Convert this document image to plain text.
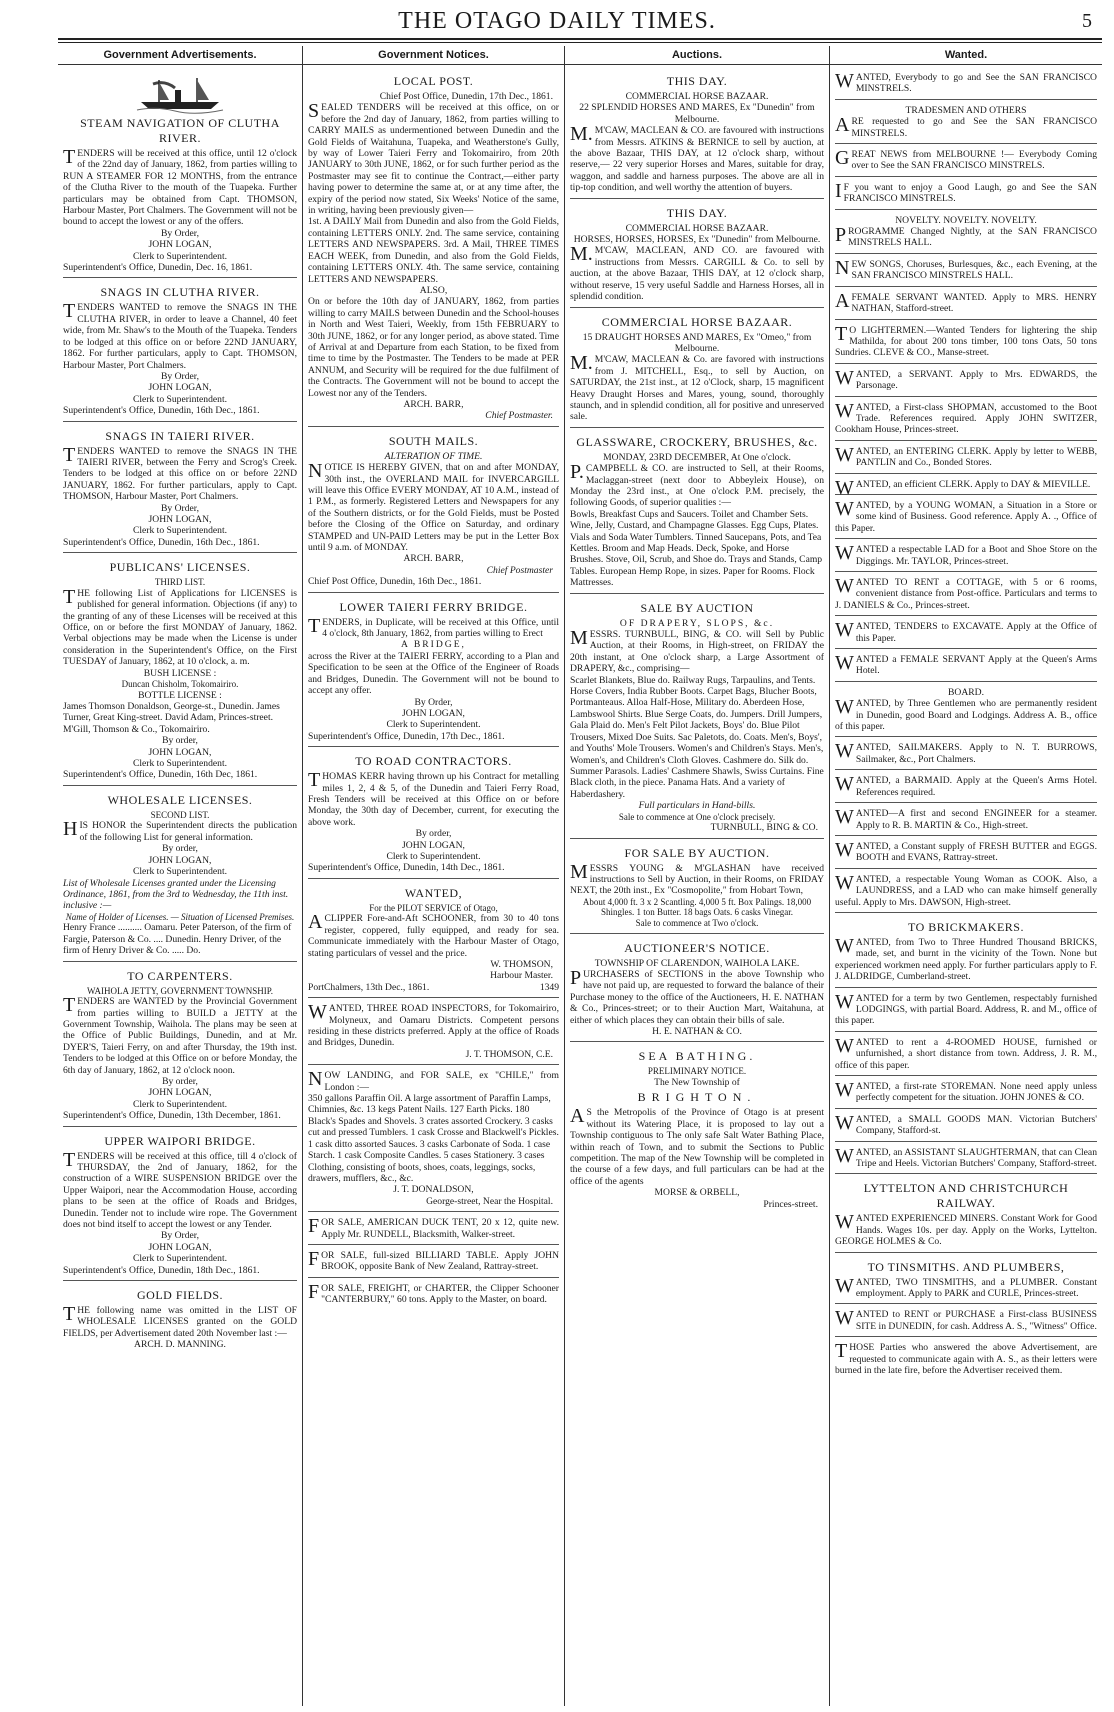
THE OTAGO DAILY TIMES.	5
Government Advertisements.
STEAM NAVIGATION OF CLUTHA RIVER.

TENDERS will be received at this office, until 12 o'clock of the 22nd day of January, 1862, from parties willing to RUN A STEAMER FOR 12 MONTHS, from the entrance of the Clutha River to the mouth of the Tuapeka. Further particulars may be obtained from Capt. THOMSON, Harbour Master, Port Chalmers. The Government will not be bound to accept the lowest or any of the offers.

By Order,
JOHN LOGAN,
Clerk to Superintendent.
Superintendent's Office, Dunedin, Dec. 16, 1861.
SNAGS IN CLUTHA RIVER.

TENDERS WANTED to remove the SNAGS IN THE CLUTHA RIVER, in order to leave a Channel, 40 feet wide, from Mr. Shaw's to the Mouth of the Tuapeka. Tenders to be lodged at this office on or before 22ND JANUARY, 1862. For further particulars, apply to Capt. THOMSON, Harbour Master, Port Chalmers.

By Order,
JOHN LOGAN,
Clerk to Superintendent.
Superintendent's Office, Dunedin, 16th Dec., 1861.
SNAGS IN TAIERI RIVER.

TENDERS WANTED to remove the SNAGS IN THE TAIERI RIVER, between the Ferry and Scrog's Creek. Tenders to be lodged at this office on or before 22ND JANUARY, 1862. For further particulars, apply to Capt. THOMSON, Harbour Master, Port Chalmers.

By Order,
JOHN LOGAN,
Clerk to Superintendent.
Superintendent's Office, Dunedin, 16th Dec., 1861.
PUBLICANS' LICENSES.
THIRD LIST.

THE following List of Applications for LICENSES is published for general information. Objections (if any) to the granting of any of these Licenses will be received at this Office, on or before the first MONDAY of January, 1862. Verbal objections may be made when the License is under consideration in the Superintendent's Office, on the First TUESDAY of January, 1862, at 10 o'clock, a. m.

BUSH LICENSE :
Duncan Chisholm, Tokomairiro.
BOTTLE LICENSE :
James Thomson Donaldson, George-st., Dunedin. James Turner, Great King-street. David Adam, Princes-street. M'Gill, Thomson & Co., Tokomairiro.
By order,
JOHN LOGAN,
Clerk to Superintendent.
Superintendent's Office, Dunedin, 16th Dec, 1861.
WHOLESALE LICENSES.
SECOND LIST.

HIS HONOR the Superintendent directs the publication of the following List for general information.

By order,
JOHN LOGAN,
Clerk to Superintendent.
List of Wholesale Licenses granted under the Licensing Ordinance, 1861, from the 3rd to Wednesday, the 11th inst. inclusive :—
Name of Holder of Licenses. — Situation of Licensed Premises.
Henry France .......... Oamaru. Peter Paterson, of the firm of Fargie, Paterson & Co. .... Dunedin. Henry Driver, of the firm of Henry Driver & Co. ..... Do.
TO CARPENTERS.
WAIHOLA JETTY, GOVERNMENT TOWNSHIP.

TENDERS are WANTED by the Provincial Government from parties willing to BUILD a JETTY at the Government Township, Waihola. The plans may be seen at the Office of Public Buildings, Dunedin, and at Mr. DYER'S, Taieri Ferry, on and after Thursday, the 19th inst. Tenders to be lodged at this Office on or before Monday, the 6th day of January, 1862, at 12 o'clock noon.

By order,
JOHN LOGAN,
Clerk to Superintendent.
Superintendent's Office, Dunedin, 13th December, 1861.
UPPER WAIPORI BRIDGE.

TENDERS will be received at this office, till 4 o'clock of THURSDAY, the 2nd of January, 1862, for the construction of a WIRE SUSPENSION BRIDGE over the Upper Waipori, near the Accommodation House, according plans to be seen at the office of Roads and Bridges, Dunedin. Tender not to include wire rope. The Government does not bind itself to accept the lowest or any Tender.

By Order,
JOHN LOGAN,
Clerk to Superintendent.
Superintendent's Office, Dunedin, 18th Dec., 1861.
GOLD FIELDS.

THE following name was omitted in the LIST OF WHOLESALE LICENSES granted on the GOLD FIELDS, per Advertisement dated 20th November last :—

ARCH. D. MANNING.
Government Notices.
LOCAL POST.
Chief Post Office, Dunedin, 17th Dec., 1861.

SEALED TENDERS will be received at this office, on or before the 2nd day of January, 1862, from parties willing to CARRY MAILS as undermentioned between Dunedin and the Gold Fields of Waitahuna, Tuapeka, and Weatherstone's Gully, by way of Lower Taieri Ferry and Tokomairiro, from 20th JANUARY to 30th JUNE, 1862, or for such further period as the Postmaster may see fit to continue the Contract,—either party having power to determine the same at, or at any time after, the expiry of the period now stated, Six Weeks' Notice of the same, in writing, having been previously given—

1st. A DAILY Mail from Dunedin and also from the Gold Fields, containing LETTERS ONLY. 2nd. The same service, containing LETTERS AND NEWSPAPERS. 3rd. A Mail, THREE TIMES EACH WEEK, from Dunedin, and also from the Gold Fields, containing LETTERS ONLY. 4th. The same service, containing LETTERS AND NEWSPAPERS.

ALSO,

On or before the 10th day of JANUARY, 1862, from parties willing to carry MAILS between Dunedin and the School-houses in North and West Taieri, Weekly, from 15th FEBRUARY to 30th JUNE, 1862, or for any longer period, as above stated. Time of Arrival at and Departure from each Station, to be fixed from time to time by the Postmaster. The Tenders to be made at PER ANNUM, and Security will be required for the due fulfilment of the Contracts. The Government will not be bound to accept the Lowest nor any of the Tenders.

ARCH. BARR,
Chief Postmaster.
SOUTH MAILS.
ALTERATION OF TIME.

NOTICE IS HEREBY GIVEN, that on and after MONDAY, 30th inst., the OVERLAND MAIL for INVERCARGILL will leave this Office EVERY MONDAY, AT 10 A.M., instead of 1 P.M., as formerly. Registered Letters and Newspapers for any of the Southern districts, or for the Gold Fields, must be Posted before the Closing of the Office on Saturday, and ordinary STAMPED and UN-PAID Letters may be put in the Letter Box until 9 a.m. of MONDAY.

ARCH. BARR,
Chief Postmaster
Chief Post Office, Dunedin, 16th Dec., 1861.
LOWER TAIERI FERRY BRIDGE.

TENDERS, in Duplicate, will be received at this Office, until 4 o'clock, 8th January, 1862, from parties willing to Erect

A BRIDGE,

across the River at the TAIERI FERRY, according to a Plan and Specification to be seen at the Office of the Engineer of Roads and Bridges, Dunedin. The Government will not be bound to accept any offer.

By Order,
JOHN LOGAN,
Clerk to Superintendent.
Superintendent's Office, Dunedin, 17th Dec., 1861.
TO ROAD CONTRACTORS.

THOMAS KERR having thrown up his Contract for metalling miles 1, 2, 4 & 5, of the Dunedin and Taieri Ferry Road, Fresh Tenders will be received at this Office on or before Monday, the 30th day of December, current, for executing the above work.

By order,
JOHN LOGAN,
Clerk to Superintendent.
Superintendent's Office, Dunedin, 14th Dec., 1861.
WANTED,
For the PILOT SERVICE of Otago,

ACLIPPER Fore-and-Aft SCHOONER, from 30 to 40 tons register, coppered, fully equipped, and ready for sea. Communicate immediately with the Harbour Master of Otago, stating particulars of vessel and the price.

W. THOMSON,
Harbour Master.
PortChalmers, 13th Dec., 1861.	1349

WANTED, THREE ROAD INSPECTORS, for Tokomairiro, Molyneux, and Oamaru Districts. Competent persons residing in these districts preferred. Apply at the office of Roads and Bridges, Dunedin.

J. T. THOMSON, C.E.

NOW LANDING, and FOR SALE, ex "CHILE," from London :—

350 gallons Paraffin Oil. A large assortment of Paraffin Lamps, Chimnies, &c. 13 kegs Patent Nails. 127 Earth Picks. 180 Black's Spades and Shovels. 3 crates assorted Crockery. 3 casks cut and pressed Tumblers. 1 cask Crosse and Blackwell's Pickles. 1 cask ditto assorted Sauces. 3 casks Carbonate of Soda. 1 case Starch. 1 cask Composite Candles. 5 cases Stationery. 3 cases Clothing, consisting of boots, shoes, coats, leggings, socks, drawers, mufflers, &c., &c.
J. T. DONALDSON,
George-street, Near the Hospital.

FOR SALE, AMERICAN DUCK TENT, 20 x 12, quite new. Apply Mr. RUNDELL, Blacksmith, Walker-street.

FOR SALE, full-sized BILLIARD TABLE. Apply JOHN BROOK, opposite Bank of New Zealand, Rattray-street.

FOR SALE, FREIGHT, or CHARTER, the Clipper Schooner "CANTERBURY," 60 tons. Apply to the Master, on board.

Auctions.
THIS DAY.
COMMERCIAL HORSE BAZAAR.
22 SPLENDID HORSES AND MARES, Ex "Dunedin" from Melbourne.

M.M'CAW, MACLEAN & CO. are favoured with instructions from Messrs. ATKINS & BERNICE to sell by auction, at the above Bazaar, THIS DAY, at 12 o'clock sharp, without reserve,— 22 very superior Horses and Mares, suitable for dray, waggon, and saddle and harness purposes. The above are all in tip-top condition, and well worthy the attention of buyers.

THIS DAY.
COMMERCIAL HORSE BAZAAR.
HORSES, HORSES, HORSES, Ex "Dunedin" from Melbourne.

M.M'CAW, MACLEAN, AND CO. are favoured with instructions from Messrs. CARGILL & Co. to sell by auction, at the above Bazaar, THIS DAY, at 12 o'clock sharp, without reserve, 15 very useful Saddle and Harness Horses, all in splendid condition.

COMMERCIAL HORSE BAZAAR.
15 DRAUGHT HORSES AND MARES, Ex "Omeo," from Melbourne.

M.M'CAW, MACLEAN & Co. are favored with instructions from J. MITCHELL, Esq., to sell by Auction, on SATURDAY, the 21st inst., at 12 o'Clock, sharp, 15 magnificent Heavy Draught Horses and Mares, young, sound, thoroughly staunch, and in splendid condition, all for positive and unreserved sale.

GLASSWARE, CROCKERY, BRUSHES, &c.
MONDAY, 23RD DECEMBER, At One o'clock.

P.CAMPBELL & CO. are instructed to Sell, at their Rooms, Maclaggan-street (next door to Abbeyleix House), on Monday the 23rd inst., at One o'clock P.M. precisely, the following Goods, of superior qualities :—

Bowls, Breakfast Cups and Saucers. Toilet and Chamber Sets. Wine, Jelly, Custard, and Champagne Glasses. Egg Cups, Plates. Vials and Soda Water Tumblers. Tinned Saucepans, Pots, and Tea Kettles. Broom and Map Heads. Deck, Spoke, and Horse Brushes. Stove, Oil, Scrub, and Shoe do. Trays and Stands, Camp Tables. European Hemp Rope, in sizes. Paper for Rooms. Flock Mattresses.
SALE BY AUCTION
OF DRAPERY, SLOPS, &c.

MESSRS. TURNBULL, BING, & CO. will Sell by Public Auction, at their Rooms, in High-street, on FRIDAY the 20th instant, at One o'clock sharp, a Large Assortment of DRAPERY, &c., comprising—

Scarlet Blankets, Blue do. Railway Rugs, Tarpaulins, and Tents. Horse Covers, India Rubber Boots. Carpet Bags, Blucher Boots, Portmanteaus. Alloa Half-Hose, Military do. Aberdeen Hose, Lambswool Shirts. Blue Serge Coats, do. Jumpers. Drill Jumpers, Gala Plaid do. Men's Felt Pilot Jackets, Boys' do. Blue Pilot Trousers, Mixed Doe Suits. Sac Paletots, do. Coats. Men's, Boys', and Youths' Mole Trousers. Women's and Children's Stays. Men's, Women's, and Children's Cloth Gloves. Cashmere do. Silk do. Summer Parasols. Ladies' Cashmere Shawls, Swiss Curtains. Fine Black cloth, in the piece. Panama Hats. And a variety of Haberdashery.
Full particulars in Hand-bills.
Sale to commence at One o'clock precisely.
TURNBULL, BING & CO.
FOR SALE BY AUCTION.

MESSRS YOUNG & M'GLASHAN have received instructions to Sell by Auction, in their Rooms, on FRIDAY NEXT, the 20th inst., Ex "Cosmopolite," from Hobart Town,

About 4,000 ft. 3 x 2 Scantling. 4,000 5 ft. Box Palings. 18,000 Shingles. 1 ton Butter. 18 bags Oats. 6 casks Vinegar.
Sale to commence at Two o'clock.
AUCTIONEER'S NOTICE.
TOWNSHIP OF CLARENDON, WAIHOLA LAKE.

PURCHASERS of SECTIONS in the above Township who have not paid up, are requested to forward the balance of their Purchase money to the office of the Auctioneers, H. E. NATHAN & Co., Princes-street; or to their Auction Mart, Waitahuna, at either of which places they can obtain their bills of sale.

H. E. NATHAN & CO.
SEA BATHING.
PRELIMINARY NOTICE.
The New Township of
BRIGHTON.

AS the Metropolis of the Province of Otago is at present without its Watering Place, it is proposed to lay out a Township contiguous to The only safe Salt Water Bathing Place, within reach of Town, and to submit the Sections to Public competition. The map of the New Township will be completed in the course of a few days, and full particulars can be had at the office of the agents

MORSE & ORBELL,
Princes-street.
Wanted.

WANTED, Everybody to go and See the SAN FRANCISCO MINSTRELS.

TRADESMEN AND OTHERS

ARE requested to go and See the SAN FRANCISCO MINSTRELS.

GREAT NEWS from MELBOURNE !— Everybody Coming over to See the SAN FRANCISCO MINSTRELS.

IF you want to enjoy a Good Laugh, go and See the SAN FRANCISCO MINSTRELS.

NOVELTY. NOVELTY. NOVELTY.

PROGRAMME Changed Nightly, at the SAN FRANCISCO MINSTRELS HALL.

NEW SONGS, Choruses, Burlesques, &c., each Evening, at the SAN FRANCISCO MINSTRELS HALL.

AFEMALE SERVANT WANTED. Apply to MRS. HENRY NATHAN, Stafford-street.

TO LIGHTERMEN.—Wanted Tenders for lightering the ship Mathilda, for about 200 tons timber, 100 tons Oats, 50 tons Sundries. CLEVE & CO., Manse-street.

WANTED, a SERVANT. Apply to Mrs. EDWARDS, the Parsonage.

WANTED, a First-class SHOPMAN, accustomed to the Boot Trade. References required. Apply JOHN SWITZER, Cookham House, Princes-street.

WANTED, an ENTERING CLERK. Apply by letter to WEBB, PANTLIN and Co., Bonded Stores.

WANTED, an efficient CLERK. Apply to DAY & MIEVILLE.

WANTED, by a YOUNG WOMAN, a Situation in a Store or some kind of Business. Good reference. Apply A. ., Office of this Paper.

WANTED a respectable LAD for a Boot and Shoe Store on the Diggings. Mr. TAYLOR, Princes-street.

WANTED TO RENT a COTTAGE, with 5 or 6 rooms, convenient distance from Post-office. Particulars and terms to J. DANIELS & Co., Princes-street.

WANTED, TENDERS to EXCAVATE. Apply at the Office of this Paper.

WANTED a FEMALE SERVANT Apply at the Queen's Arms Hotel.

BOARD.

WANTED, by Three Gentlemen who are permanently resident in Dunedin, good Board and Lodgings. Address A. B., office of this paper.

WANTED, SAILMAKERS. Apply to N. T. BURROWS, Sailmaker, &c., Port Chalmers.

WANTED, a BARMAID. Apply at the Queen's Arms Hotel. References required.

WANTED—A first and second ENGINEER for a steamer. Apply to R. B. MARTIN & Co., High-street.

WANTED, a Constant supply of FRESH BUTTER and EGGS. BOOTH and EVANS, Rattray-street.

WANTED, a respectable Young Woman as COOK. Also, a LAUNDRESS, and a LAD who can make himself generally useful. Apply to Mrs. DAWSON, High-street.

TO BRICKMAKERS.

WANTED, from Two to Three Hundred Thousand BRICKS, made, set, and burnt in the vicinity of the Town. None but experienced workmen need apply. For further particulars apply to F. J. ALDRIDGE, Cumberland-street.

WANTED for a term by two Gentlemen, respectably furnished LODGINGS, with partial Board. Address, R. and M., office of this paper.

WANTED to rent a 4-ROOMED HOUSE, furnished or unfurnished, a short distance from town. Address, J. R. M., office of this paper.

WANTED, a first-rate STOREMAN. None need apply unless perfectly competent for the situation. JOHN JONES & CO.

WANTED, a SMALL GOODS MAN. Victorian Butchers' Company, Stafford-st.

WANTED, an ASSISTANT SLAUGHTERMAN, that can Clean Tripe and Heels. Victorian Butchers' Company, Stafford-street.

LYTTELTON AND CHRISTCHURCH RAILWAY.

WANTED EXPERIENCED MINERS. Constant Work for Good Hands. Wages 10s. per day. Apply on the Works, Lyttelton. GEORGE HOLMES & Co.

TO TINSMITHS. AND PLUMBERS,

WANTED, TWO TINSMITHS, and a PLUMBER. Constant employment. Apply to PARK and CURLE, Princes-street.

WANTED to RENT or PURCHASE a First-class BUSINESS SITE in DUNEDIN, for cash. Address A. S., "Witness" Office.

THOSE Parties who answered the above Advertisement, are requested to communicate again with A. S., as their letters were burned in the late fire, before the Advertiser received them.
